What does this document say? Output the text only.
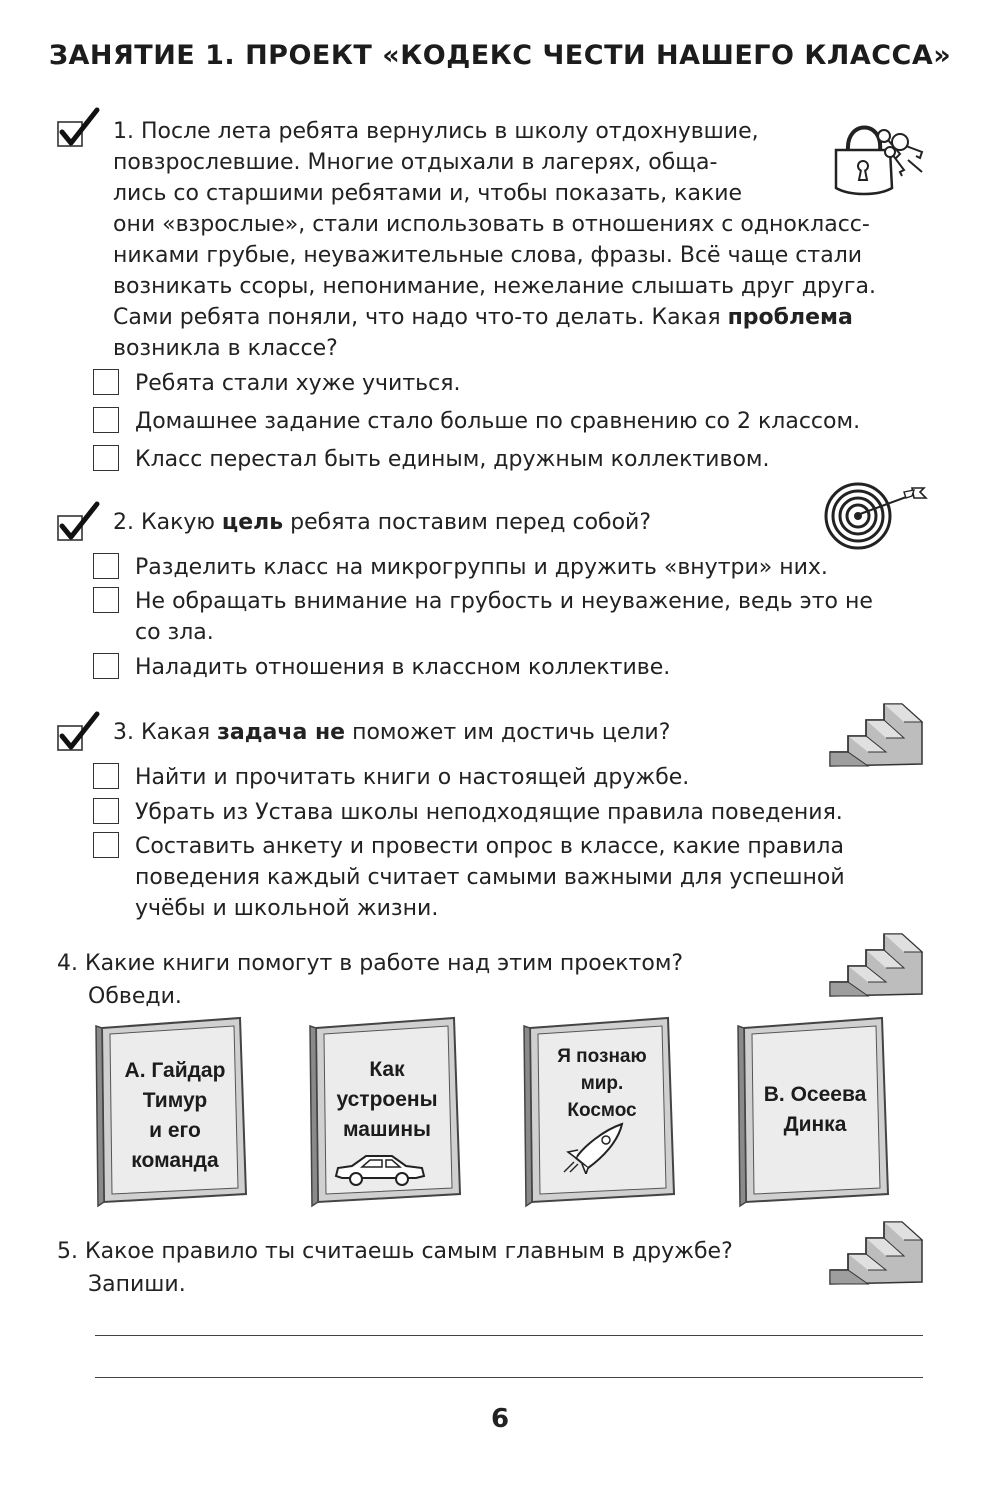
ЗАНЯТИЕ 1. ПРОЕКТ «КОДЕКС ЧЕСТИ НАШЕГО КЛАССА»
1. После лета ребята вернулись в школу отдохнувшие,
повзрослевшие. Многие отдыхали в лагерях, обща-
лись со старшими ребятами и, чтобы показать, какие
они «взрослые», стали использовать в отношениях с однокласс-
никами грубые, неуважительные слова, фразы. Всё чаще стали
возникать ссоры, непонимание, нежелание слышать друг друга.
Сами ребята поняли, что надо что-то делать. Какая проблема
возникла в классе?
Ребята стали хуже учиться.
Домашнее задание стало больше по сравнению со 2 классом.
Класс перестал быть единым, дружным коллективом.
2. Какую цель ребята поставим перед собой?
Разделить класс на микрогруппы и дружить «внутри» них.
Не обращать внимание на грубость и неуважение, ведь это не
со зла.
Наладить отношения в классном коллективе.
3. Какая задача не поможет им достичь цели?
Найти и прочитать книги о настоящей дружбе.
Убрать из Устава школы неподходящие правила поведения.
Составить анкету и провести опрос в классе, какие правила
поведения каждый считает самыми важными для успешной
учёбы и школьной жизни.
4. Какие книги помогут в работе над этим проектом?
Обведи.
А. Гайдар
Тимур
и его
команда
Как
устроены
машины
Я познаю
мир.
Космос
В. Осеева
Динка
5. Какое правило ты считаешь самым главным в дружбе?
Запиши.
6
